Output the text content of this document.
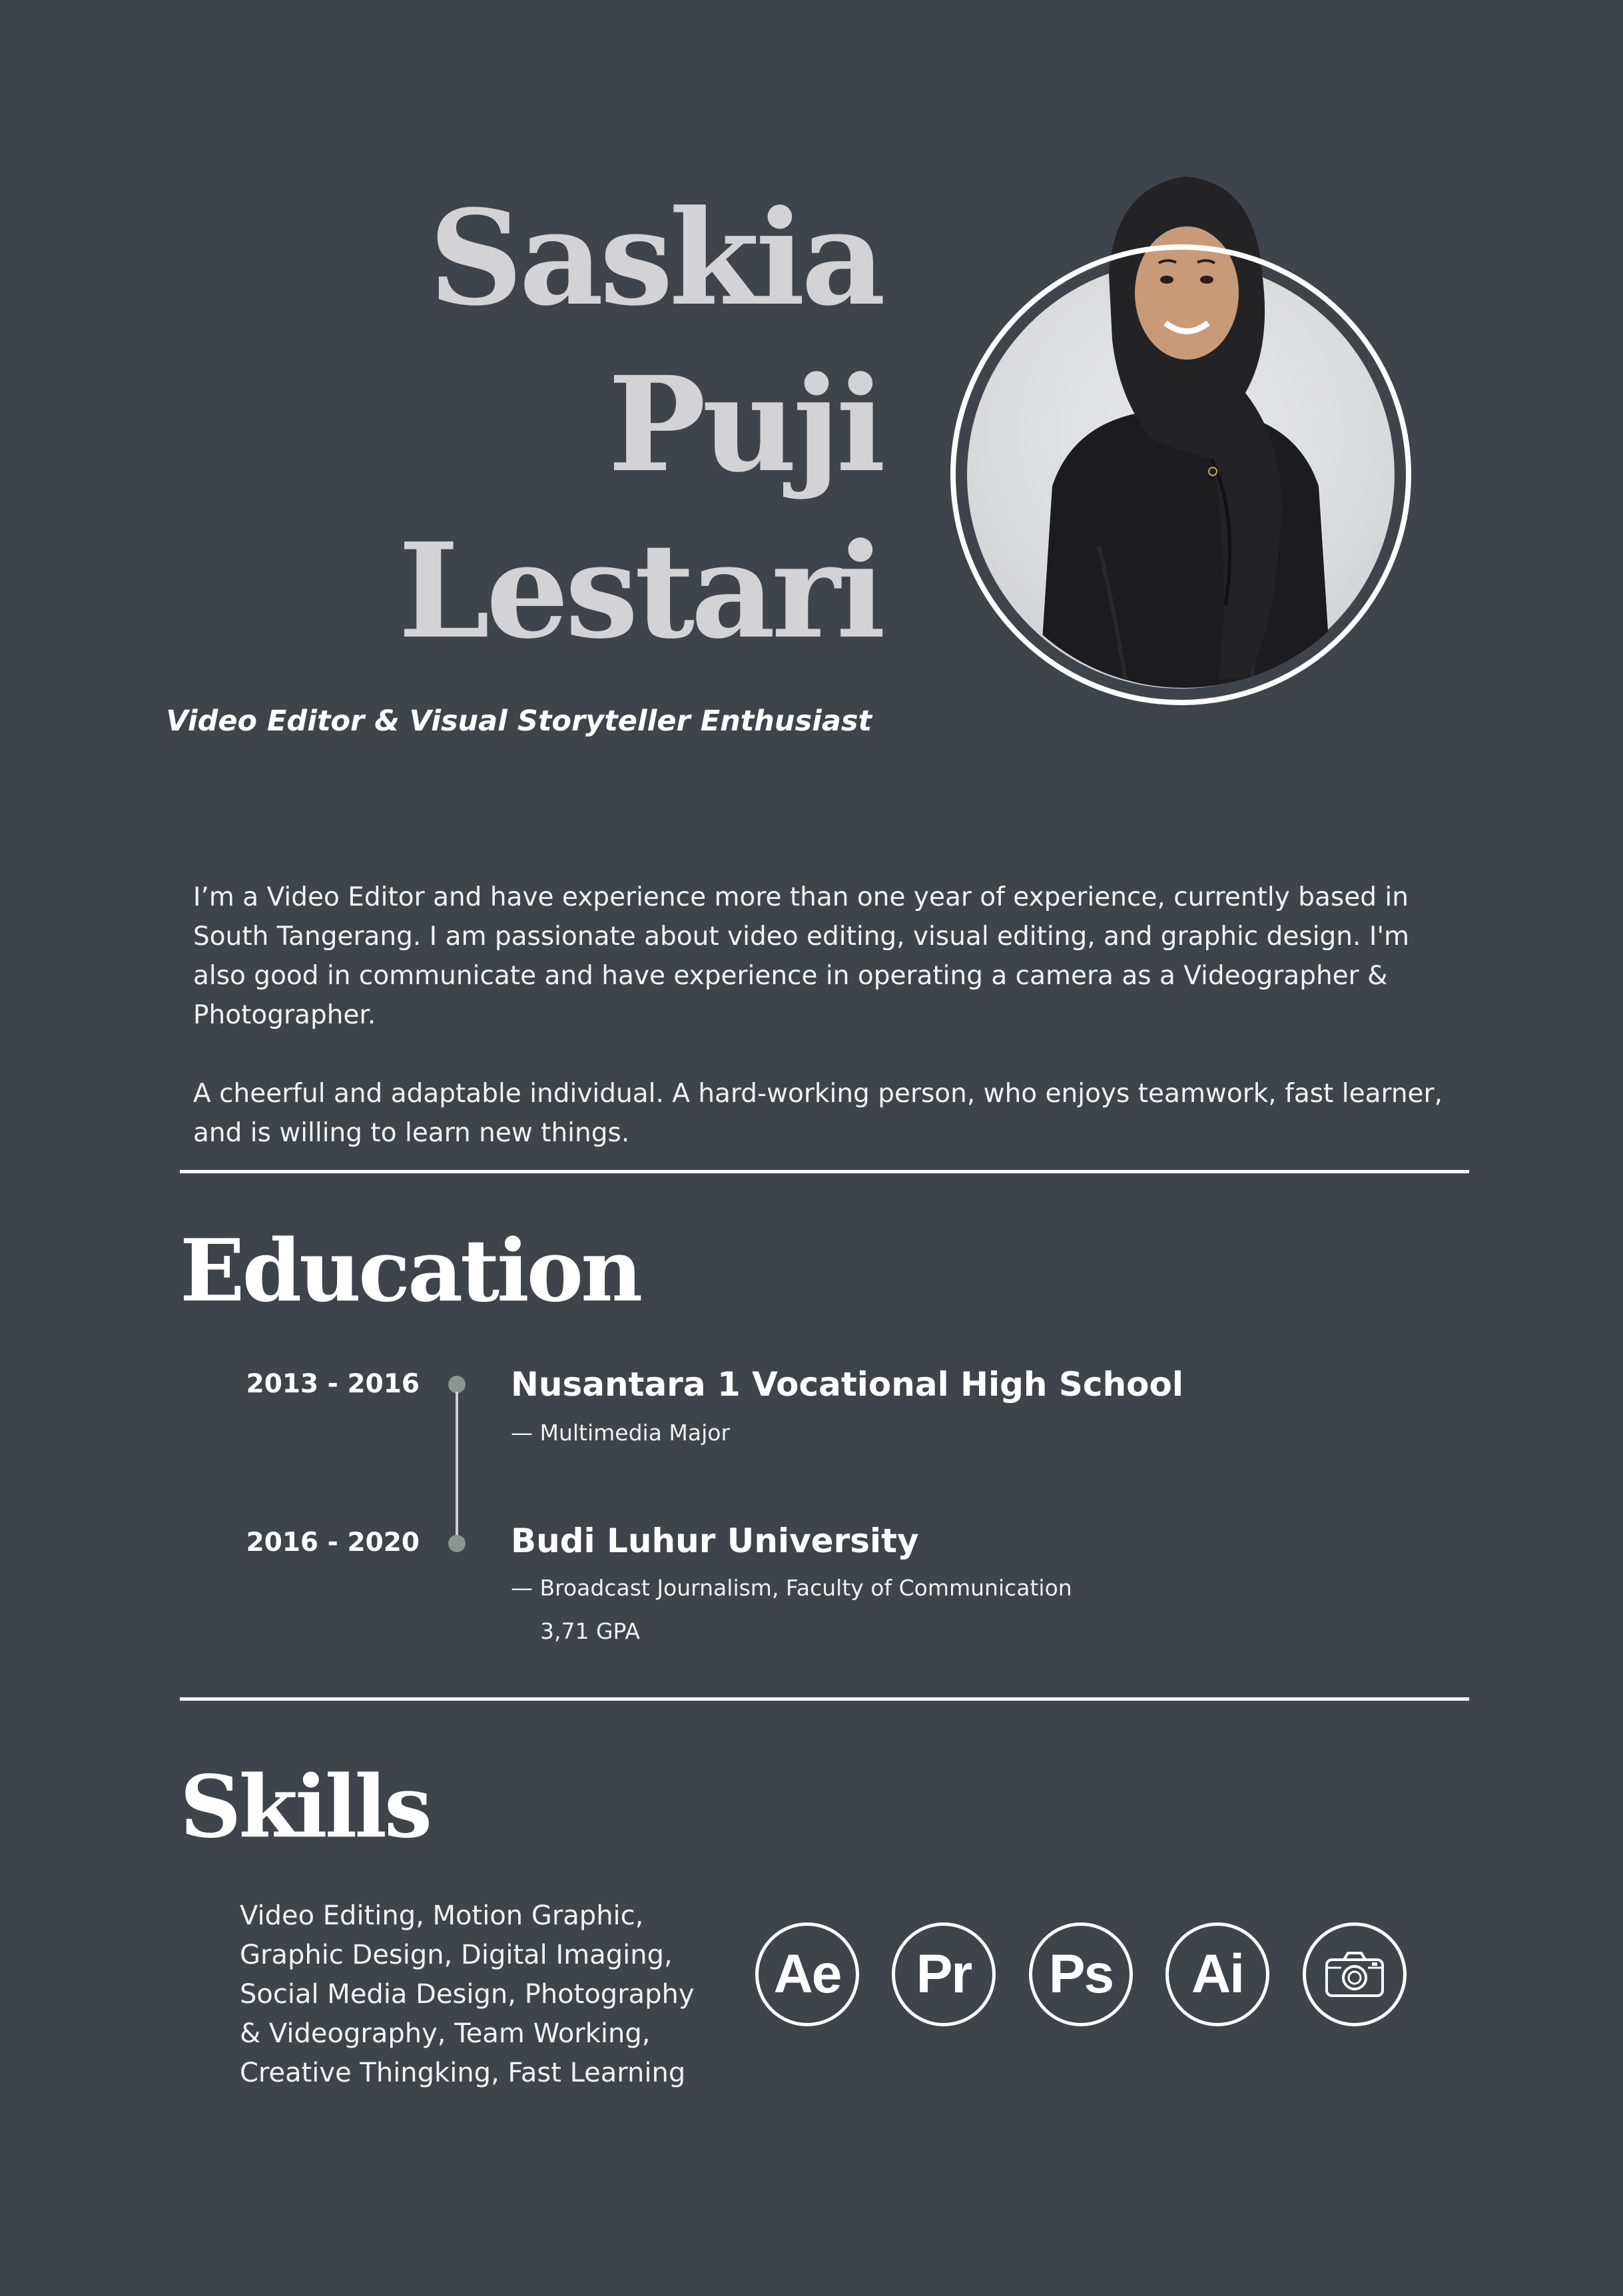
Saskia
Puji
Lestari
Video Editor & Visual Storyteller Enthusiast

I’m a Video Editor and have experience more than one year of experience, currently based in South Tangerang. I am passionate about video editing, visual editing, and graphic design. I'm also good in communicate and have experience in operating a camera as a Videographer & Photographer.

A cheerful and adaptable individual. A hard-working person, who enjoys teamwork, fast learner, and is willing to learn new things.

Education
2013 - 2016	Nusantara 1 Vocational High School
— Multimedia Major
2016 - 2020	Budi Luhur University
— Broadcast Journalism, Faculty of Communication
3,71 GPA
Skills
Video Editing, Motion Graphic, Graphic Design, Digital Imaging, Social Media Design, Photography & Videography, Team Working, Creative Thingking, Fast Learning
Ae	Pr	Ps	Ai
